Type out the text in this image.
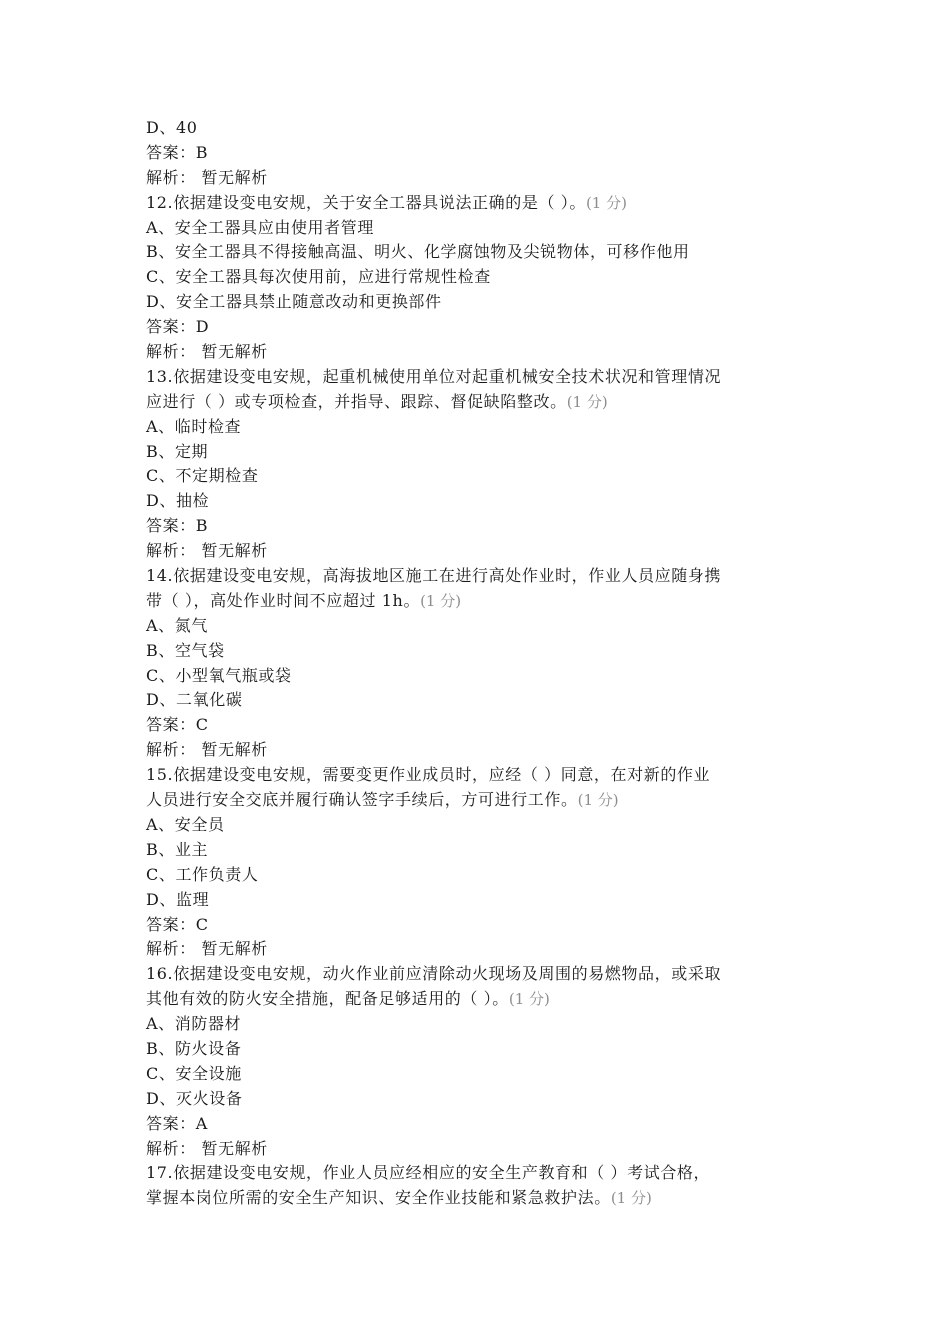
D、40
答案：B
解析： 暂无解析
12.依据建设变电安规，关于安全工器具说法正确的是（ ）。(1 分)
A、安全工器具应由使用者管理
B、安全工器具不得接触高温、明火、化学腐蚀物及尖锐物体，可移作他用
C、安全工器具每次使用前，应进行常规性检查
D、安全工器具禁止随意改动和更换部件
答案：D
解析： 暂无解析
13.依据建设变电安规，起重机械使用单位对起重机械安全技术状况和管理情况
应进行（ ）或专项检查，并指导、跟踪、督促缺陷整改。(1 分)
A、临时检查
B、定期
C、不定期检查
D、抽检
答案：B
解析： 暂无解析
14.依据建设变电安规，高海拔地区施工在进行高处作业时，作业人员应随身携
带（ ），高处作业时间不应超过 1h。(1 分)
A、氮气
B、空气袋
C、小型氧气瓶或袋
D、二氧化碳
答案：C
解析： 暂无解析
15.依据建设变电安规，需要变更作业成员时，应经（ ）同意，在对新的作业
人员进行安全交底并履行确认签字手续后，方可进行工作。(1 分)
A、安全员
B、业主
C、工作负责人
D、监理
答案：C
解析： 暂无解析
16.依据建设变电安规，动火作业前应清除动火现场及周围的易燃物品，或采取
其他有效的防火安全措施，配备足够适用的（ ）。(1 分)
A、消防器材
B、防火设备
C、安全设施
D、灭火设备
答案：A
解析： 暂无解析
17.依据建设变电安规，作业人员应经相应的安全生产教育和（ ）考试合格，
掌握本岗位所需的安全生产知识、安全作业技能和紧急救护法。(1 分)
